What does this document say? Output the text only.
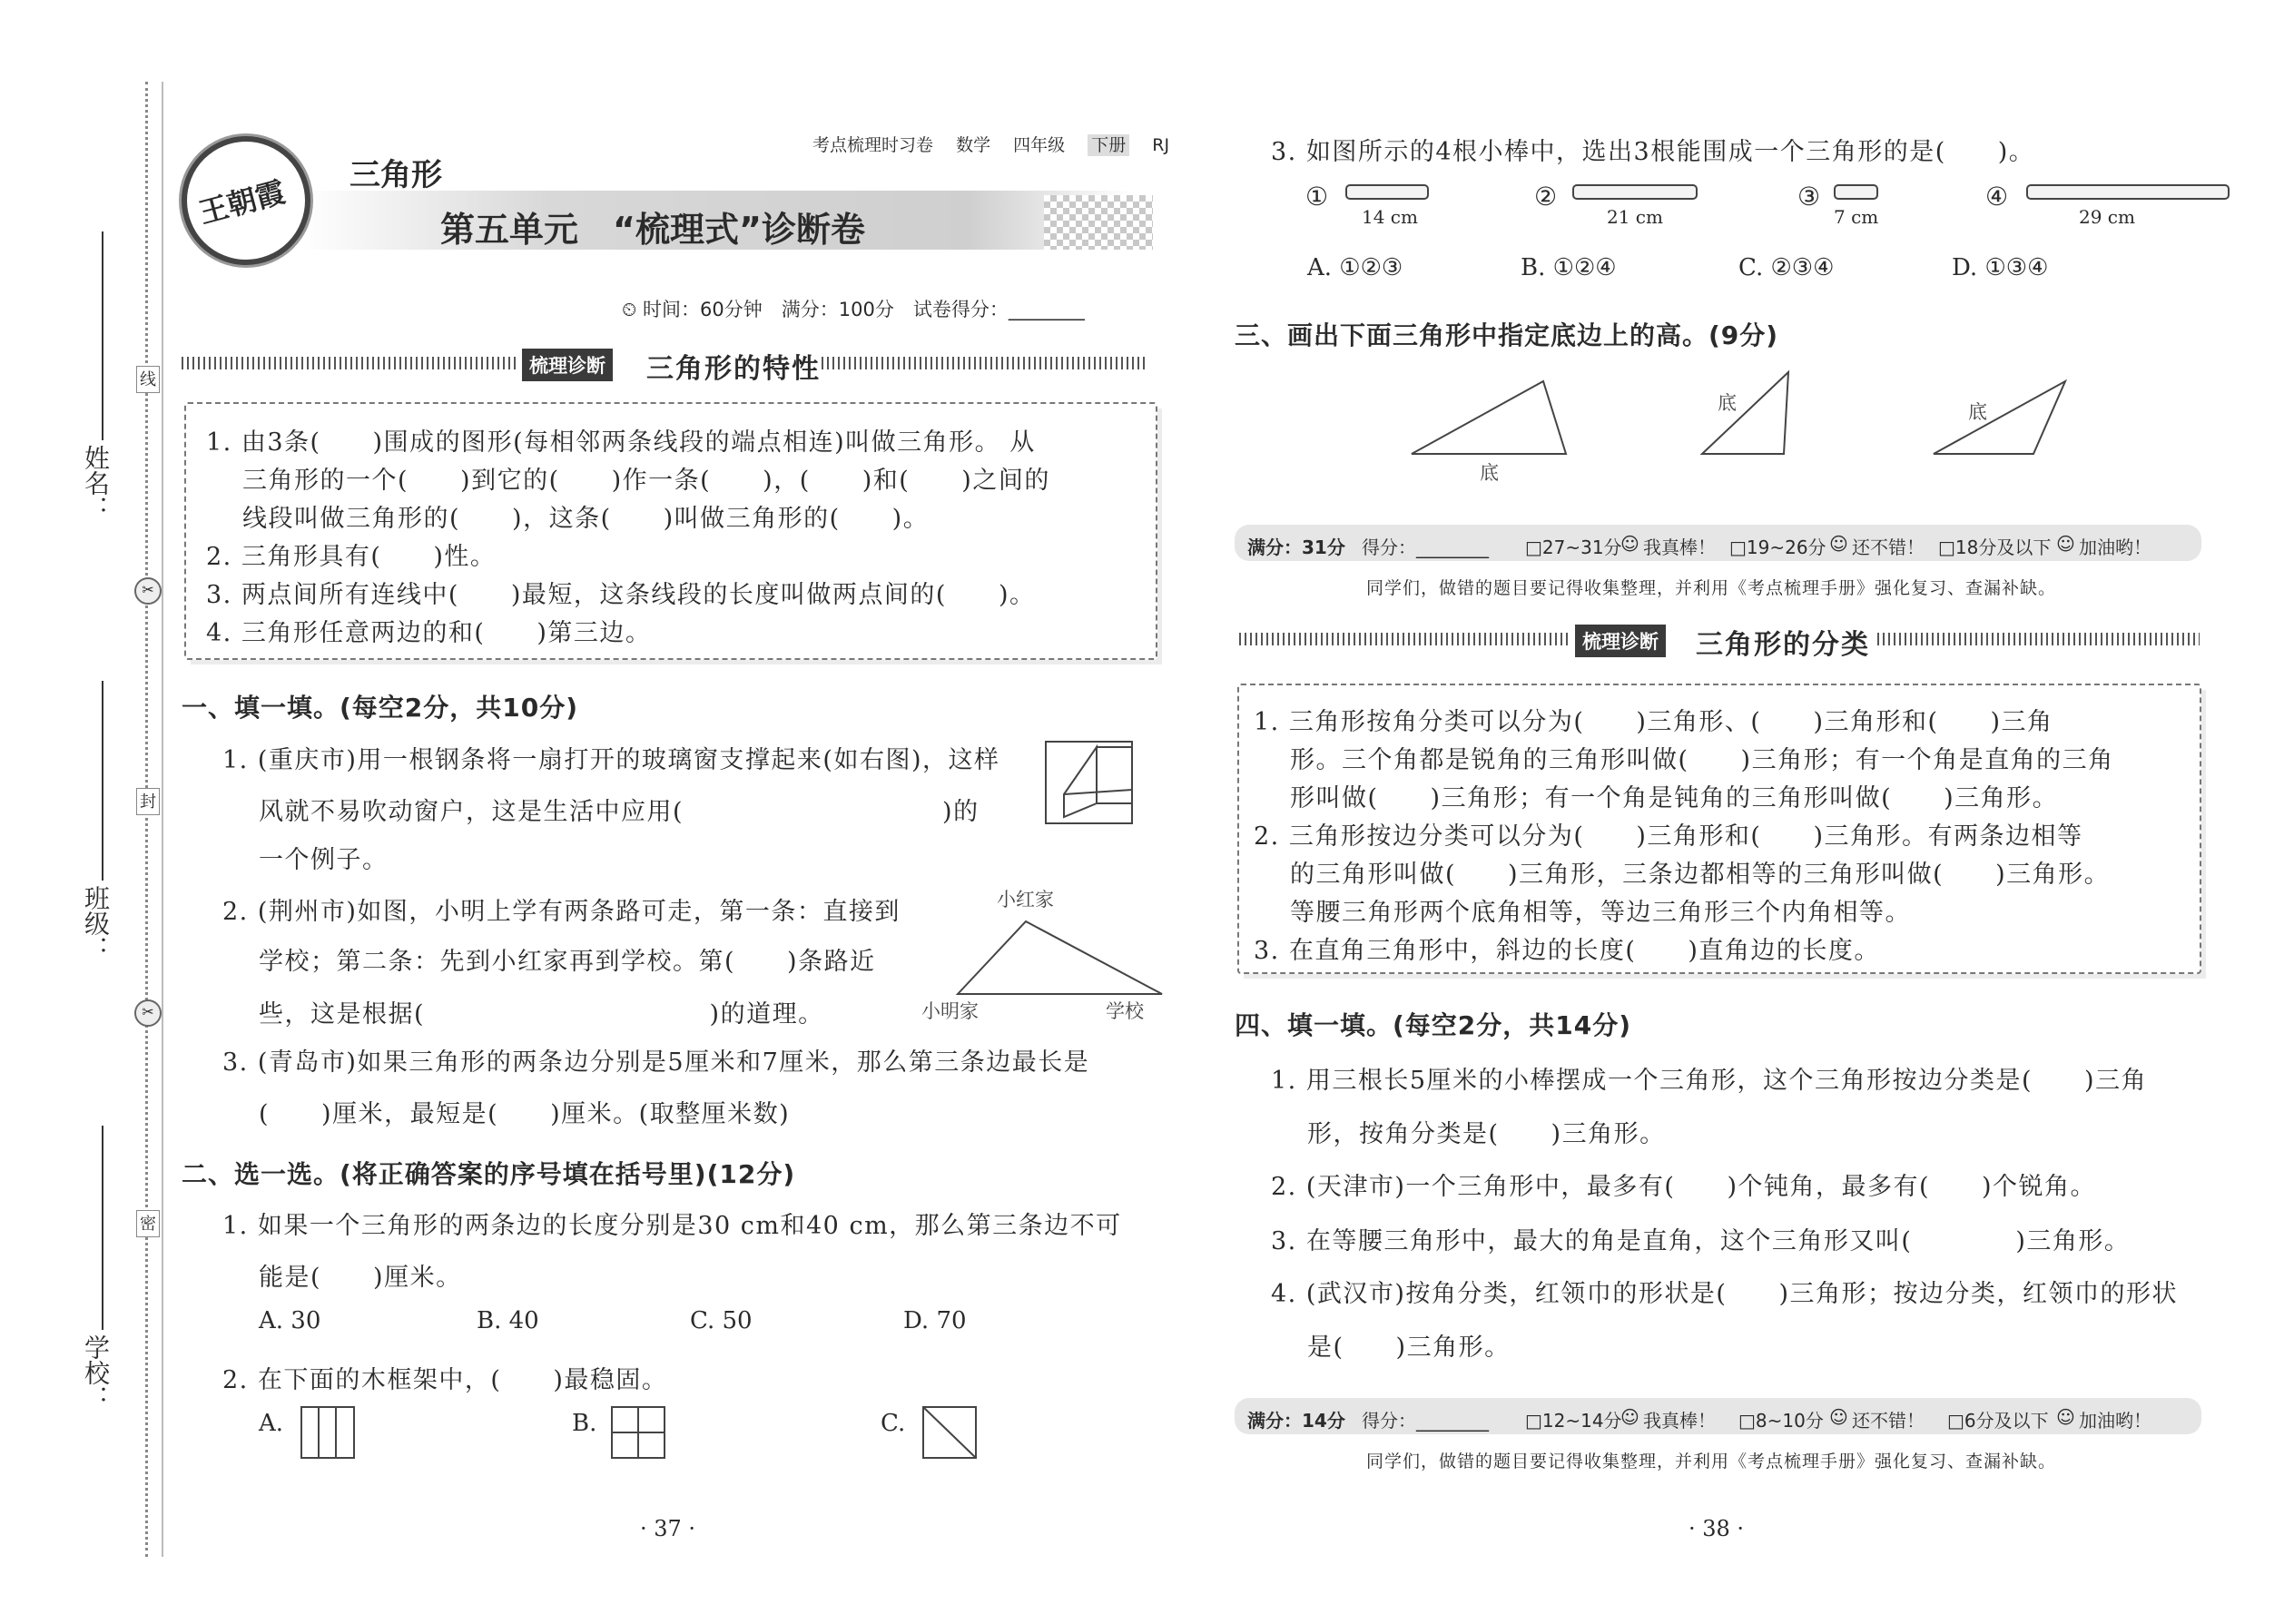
姓名：
班级：
学校：
线
封
密
✂
✂
王朝霞 三角形
考点梳理时习卷　 数学　 四年级　 下册　 RJ
第五单元　“梳理式”诊断卷
⏲ 时间：60分钟　满分：100分　试卷得分：________
梳理诊断 三角形的特性
1. 由3条(　　)围成的图形(每相邻两条线段的端点相连)叫做三角形。 从
三角形的一个(　　)到它的(　　)作一条(　　)，(　　)和(　　)之间的
线段叫做三角形的(　　)，这条(　　)叫做三角形的(　　)。
2. 三角形具有(　　)性。
3. 两点间所有连线中(　　)最短，这条线段的长度叫做两点间的(　　)。
4. 三角形任意两边的和(　　)第三边。
一、填一填。(每空2分，共10分)
1. (重庆市)用一根钢条将一扇打开的玻璃窗支撑起来(如右图)，这样
风就不易吹动窗户，这是生活中应用(　　　　　　　　　　)的
一个例子。
2. (荆州市)如图，小明上学有两条路可走，第一条：直接到
学校；第二条：先到小红家再到学校。第(　　)条路近
些，这是根据(　　　　　　　　　　　)的道理。
小红家
小明家	学校
3. (青岛市)如果三角形的两条边分别是5厘米和7厘米，那么第三条边最长是
(　　)厘米，最短是(　　)厘米。(取整厘米数)
二、选一选。(将正确答案的序号填在括号里)(12分)
1. 如果一个三角形的两条边的长度分别是30 cm和40 cm，那么第三条边不可
能是(　　)厘米。
A. 30	B. 40	C. 50	D. 70
2. 在下面的木框架中，(　　)最稳固。
A.	B.	C.
· 37 ·
3. 如图所示的4根小棒中，选出3根能围成一个三角形的是(　　)。
①
14 cm
②
21 cm
③
7 cm
④
29 cm
A. ①②③	B. ①②④	C. ②③④	D. ①③④
三、画出下面三角形中指定底边上的高。(9分)
底
底	底
满分：31分 得分：________ □27~31分
☺ 我真棒！ □19~26分 ☺ 还不错！ □18分及以下 ☺ 加油哟！
同学们，做错的题目要记得收集整理，并利用《考点梳理手册》强化复习、查漏补缺。
梳理诊断 三角形的分类
1. 三角形按角分类可以分为(　　)三角形、(　　)三角形和(　　)三角
形。三个角都是锐角的三角形叫做(　　)三角形；有一个角是直角的三角
形叫做(　　)三角形；有一个角是钝角的三角形叫做(　　)三角形。
2. 三角形按边分类可以分为(　　)三角形和(　　)三角形。有两条边相等
的三角形叫做(　　)三角形，三条边都相等的三角形叫做(　　)三角形。
等腰三角形两个底角相等，等边三角形三个内角相等。
3. 在直角三角形中，斜边的长度(　　)直角边的长度。
四、填一填。(每空2分，共14分)
1. 用三根长5厘米的小棒摆成一个三角形，这个三角形按边分类是(　　)三角
形，按角分类是(　　)三角形。
2. (天津市)一个三角形中，最多有(　　)个钝角，最多有(　　)个锐角。
3. 在等腰三角形中，最大的角是直角，这个三角形又叫(　　　　)三角形。
4. (武汉市)按角分类，红领巾的形状是(　　)三角形；按边分类，红领巾的形状
是(　　)三角形。
满分：14分 得分：________ □12~14分
☺ 我真棒！ □8~10分 ☺ 还不错！ □6分及以下 ☺ 加油哟！
同学们，做错的题目要记得收集整理，并利用《考点梳理手册》强化复习、查漏补缺。
· 38 ·
